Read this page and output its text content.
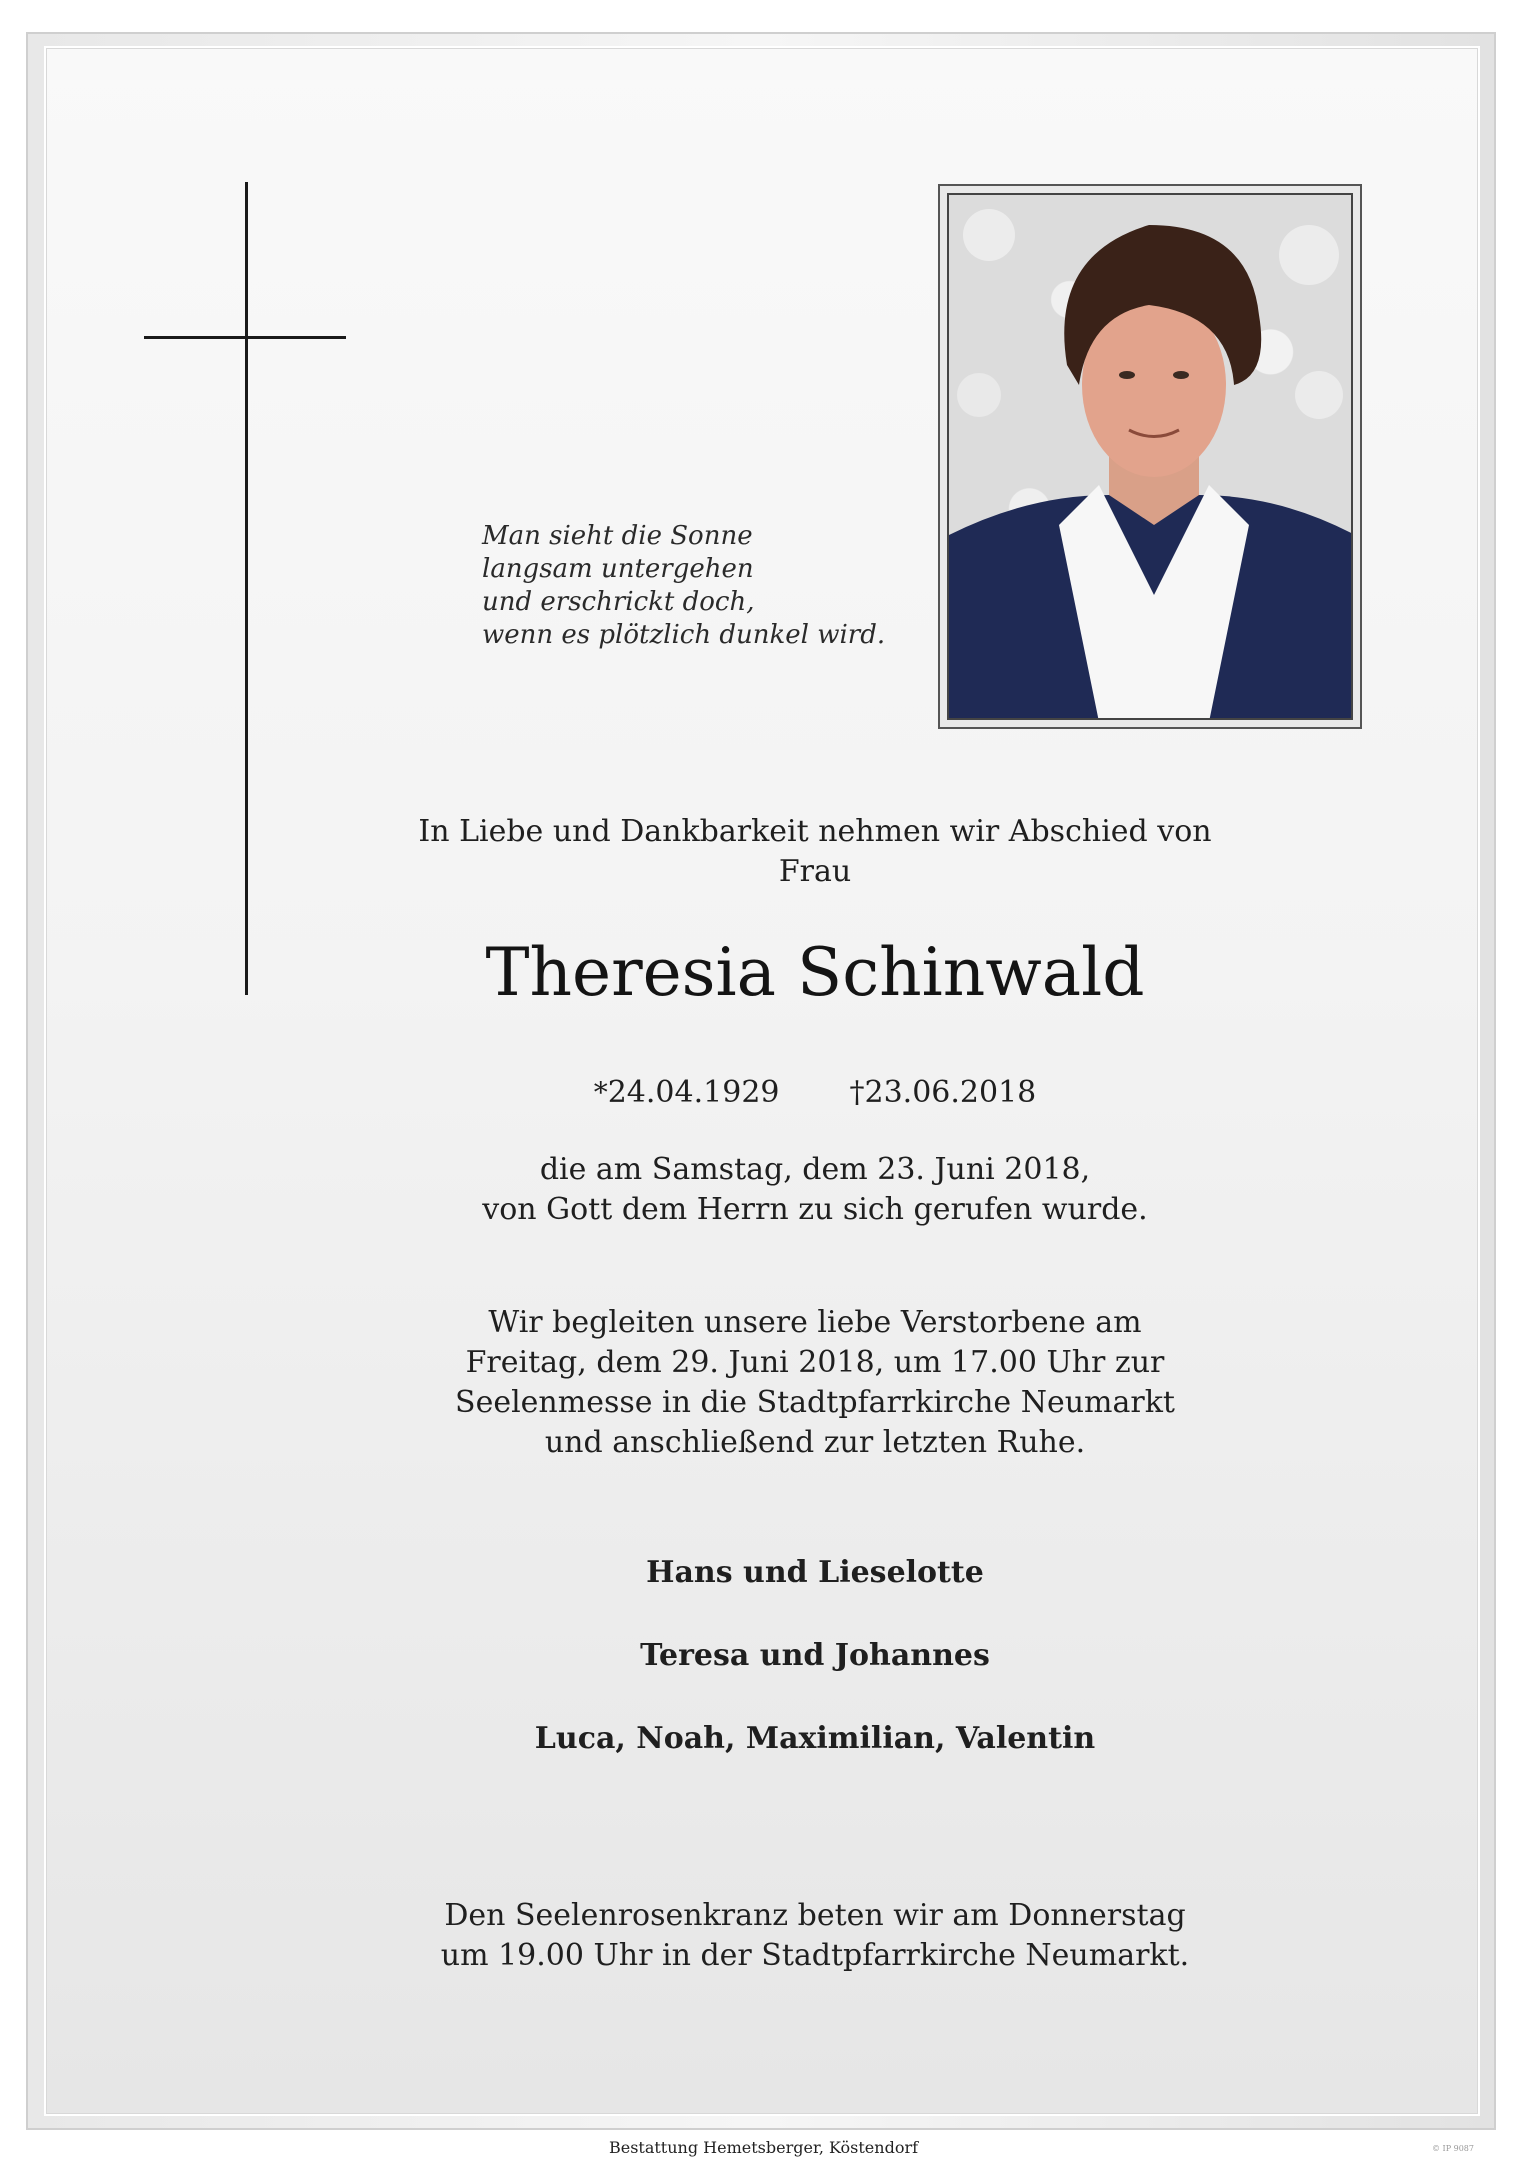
Man sieht die Sonne
langsam untergehen
und erschrickt doch,
wenn es plötzlich dunkel wird.
In Liebe und Dankbarkeit nehmen wir Abschied von
Frau
Theresia Schinwald
*24.04.1929 †23.06.2018
die am Samstag, dem 23. Juni 2018,
von Gott dem Herrn zu sich gerufen wurde.
Wir begleiten unsere liebe Verstorbene am
Freitag, dem 29. Juni 2018, um 17.00 Uhr zur
Seelenmesse in die Stadtpfarrkirche Neumarkt
und anschließend zur letzten Ruhe.
Hans und Lieselotte
Teresa und Johannes
Luca, Noah, Maximilian, Valentin
Den Seelenrosenkranz beten wir am Donnerstag
um 19.00 Uhr in der Stadtpfarrkirche Neumarkt.
Bestattung Hemetsberger, Köstendorf	© IP 9087
